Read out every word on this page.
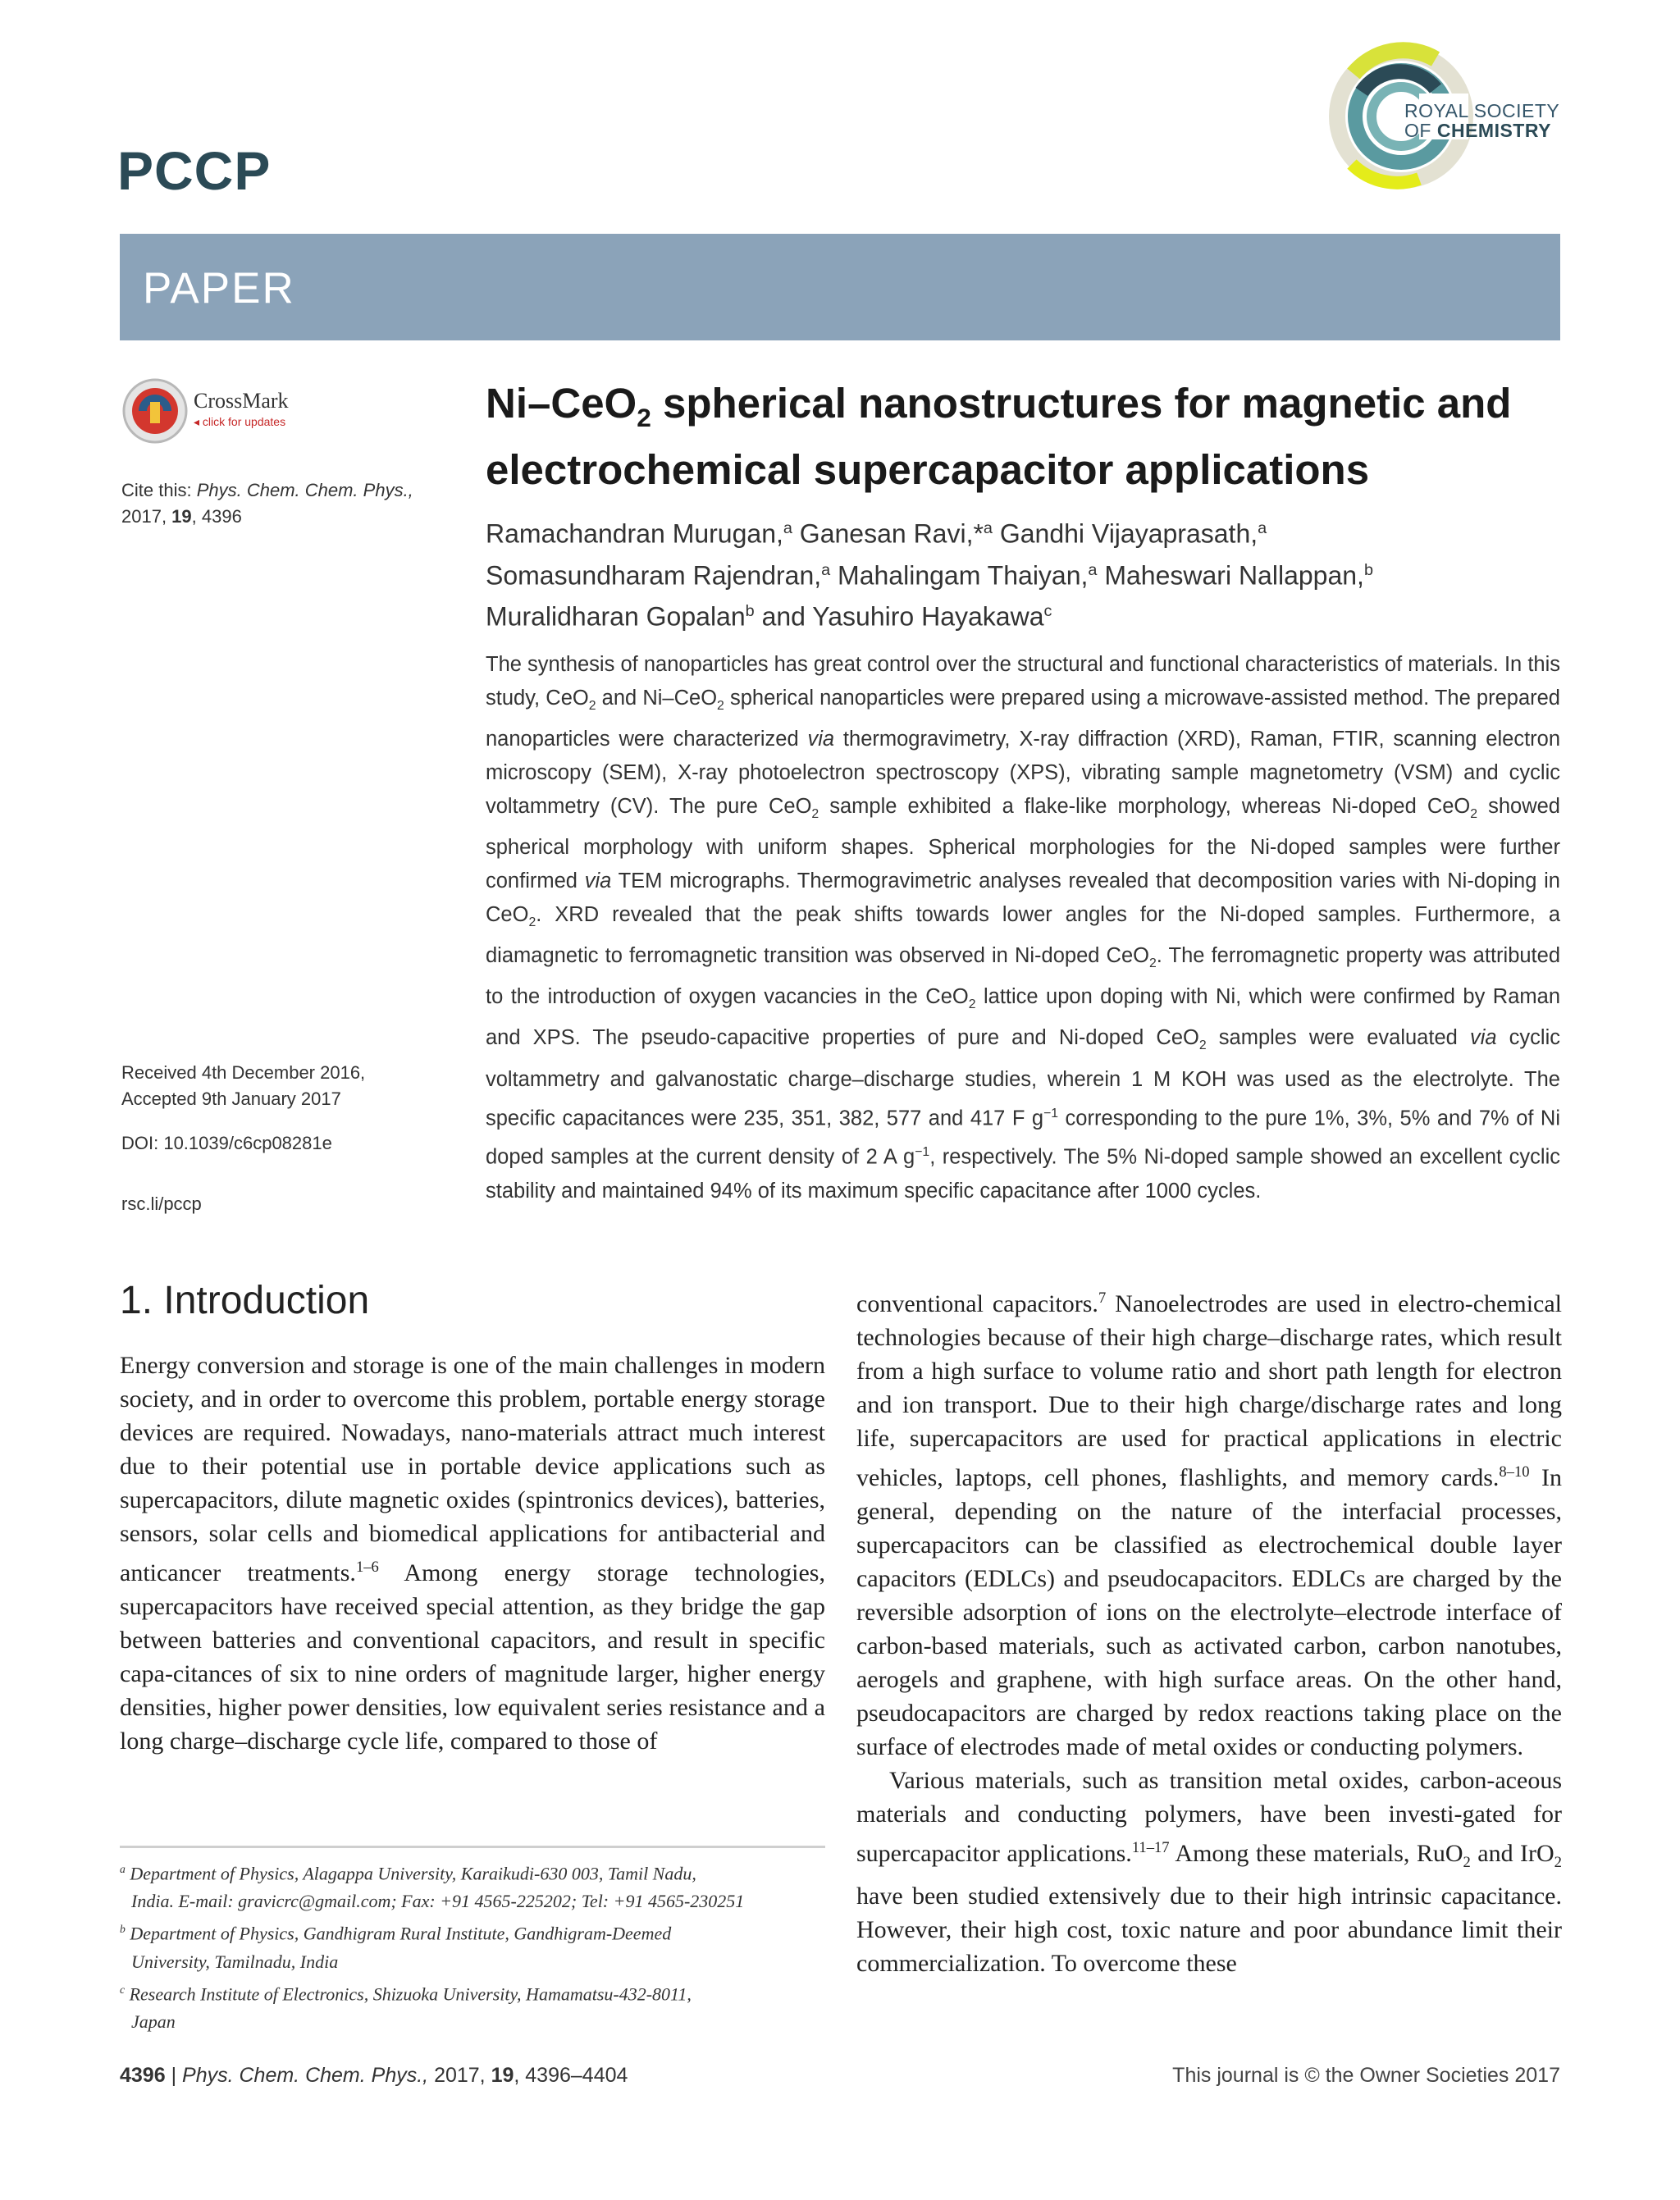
PCCP
ROYAL SOCIETY
OF CHEMISTRY
PAPER
CrossMark
◂ click for updates
Cite this: Phys. Chem. Chem. Phys.,
2017, 19, 4396
Received 4th December 2016,
Accepted 9th January 2017
DOI: 10.1039/c6cp08281e
rsc.li/pccp
Ni–CeO$_2$ spherical nanostructures for magnetic and electrochemical supercapacitor applications
Ramachandran Murugan,$^a$ Ganesan Ravi,*$^a$ Gandhi Vijayaprasath,$^a$
Somasundharam Rajendran,$^a$ Mahalingam Thaiyan,$^a$ Maheswari Nallappan,$^b$
Muralidharan Gopalan$^b$ and Yasuhiro Hayakawa$^c$
The synthesis of nanoparticles has great control over the structural and functional characteristics of materials. In this study, CeO$_2$ and Ni–CeO$_2$ spherical nanoparticles were prepared using a microwave-assisted method. The prepared nanoparticles were characterized via thermogravimetry, X-ray diffraction (XRD), Raman, FTIR, scanning electron microscopy (SEM), X-ray photoelectron spectroscopy (XPS), vibrating sample magnetometry (VSM) and cyclic voltammetry (CV). The pure CeO$_2$ sample exhibited a flake-like morphology, whereas Ni-doped CeO$_2$ showed spherical morphology with uniform shapes. Spherical morphologies for the Ni-doped samples were further confirmed via TEM micrographs. Thermogravimetric analyses revealed that decomposition varies with Ni-doping in CeO$_2$. XRD revealed that the peak shifts towards lower angles for the Ni-doped samples. Furthermore, a diamagnetic to ferromagnetic transition was observed in Ni-doped CeO$_2$. The ferromagnetic property was attributed to the introduction of oxygen vacancies in the CeO$_2$ lattice upon doping with Ni, which were confirmed by Raman and XPS. The pseudo-capacitive properties of pure and Ni-doped CeO$_2$ samples were evaluated via cyclic voltammetry and galvanostatic charge–discharge studies, wherein 1 M KOH was used as the electrolyte. The specific capacitances were 235, 351, 382, 577 and 417 F $g^{-1}$ corresponding to the pure 1%, 3%, 5% and 7% of Ni doped samples at the current density of 2 A $g^{-1}$, respectively. The 5% Ni-doped sample showed an excellent cyclic stability and maintained 94% of its maximum specific capacitance after 1000 cycles.
1. Introduction

Energy conversion and storage is one of the main challenges in modern society, and in order to overcome this problem, portable energy storage devices are required. Nowadays, nano-materials attract much interest due to their potential use in portable device applications such as supercapacitors, dilute magnetic oxides (spintronics devices), batteries, sensors, solar cells and biomedical applications for antibacterial and anticancer treatments.$^{1-6}$ Among energy storage technologies, supercapacitors have received special attention, as they bridge the gap between batteries and conventional capacitors, and result in specific capa-citances of six to nine orders of magnitude larger, higher energy densities, higher power densities, low equivalent series resistance and a long charge–discharge cycle life, compared to those of

conventional capacitors.$^7$ Nanoelectrodes are used in electro-chemical technologies because of their high charge–discharge rates, which result from a high surface to volume ratio and short path length for electron and ion transport. Due to their high charge/discharge rates and long life, supercapacitors are used for practical applications in electric vehicles, laptops, cell phones, flashlights, and memory cards.$^{8-10}$ In general, depending on the nature of the interfacial processes, supercapacitors can be classified as electrochemical double layer capacitors (EDLCs) and pseudocapacitors. EDLCs are charged by the reversible adsorption of ions on the electrolyte–electrode interface of carbon-based materials, such as activated carbon, carbon nanotubes, aerogels and graphene, with high surface areas. On the other hand, pseudocapacitors are charged by redox reactions taking place on the surface of electrodes made of metal oxides or conducting polymers.

Various materials, such as transition metal oxides, carbon-aceous materials and conducting polymers, have been investi-gated for supercapacitor applications.$^{11-17}$ Among these materials, RuO$_2$ and IrO$_2$ have been studied extensively due to their high intrinsic capacitance. However, their high cost, toxic nature and poor abundance limit their commercialization. To overcome these

$^a$ Department of Physics, Alagappa University, Karaikudi-630 003, Tamil Nadu,

India. E-mail: gravicrc@gmail.com; Fax: +91 4565-225202; Tel: +91 4565-230251

$^b$ Department of Physics, Gandhigram Rural Institute, Gandhigram-Deemed

University, Tamilnadu, India

$^c$ Research Institute of Electronics, Shizuoka University, Hamamatsu-432-8011,

Japan

4396 | Phys. Chem. Chem. Phys., 2017, 19, 4396–4404	This journal is © the Owner Societies 2017
